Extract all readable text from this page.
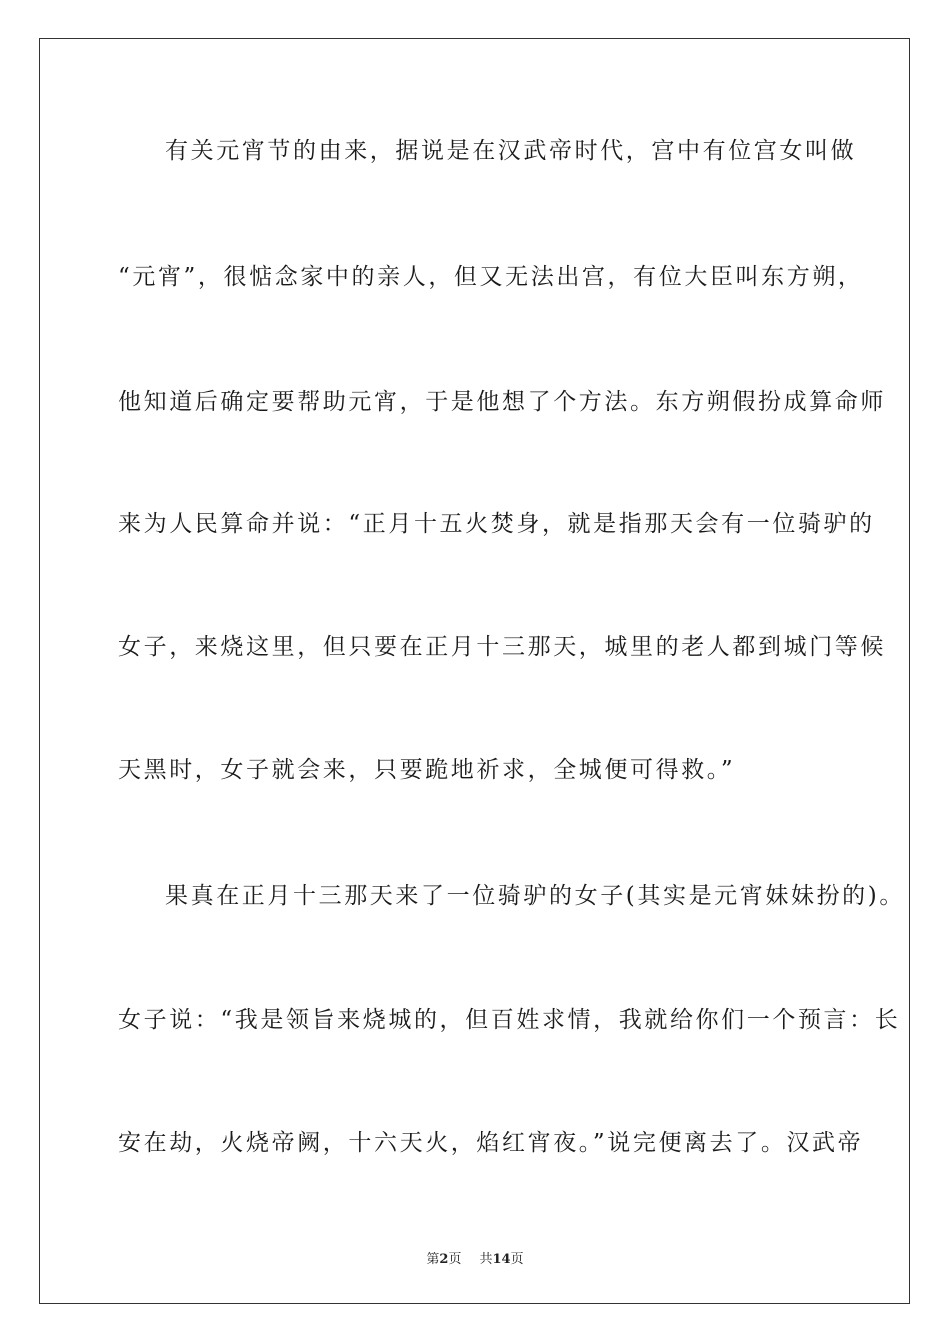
有关元宵节的由来，据说是在汉武帝时代，宫中有位宫女叫做
“元宵”，很惦念家中的亲人，但又无法出宫，有位大臣叫东方朔，
他知道后确定要帮助元宵，于是他想了个方法。东方朔假扮成算命师
来为人民算命并说：“正月十五火焚身，就是指那天会有一位骑驴的
女子，来烧这里，但只要在正月十三那天，城里的老人都到城门等候
天黑时，女子就会来，只要跪地祈求，全城便可得救。”
果真在正月十三那天来了一位骑驴的女子(其实是元宵妹妹扮的)。
女子说：“我是领旨来烧城的，但百姓求情，我就给你们一个预言：长
安在劫，火烧帝阙，十六天火，焰红宵夜。”说完便离去了。汉武帝
第2页 共14页
